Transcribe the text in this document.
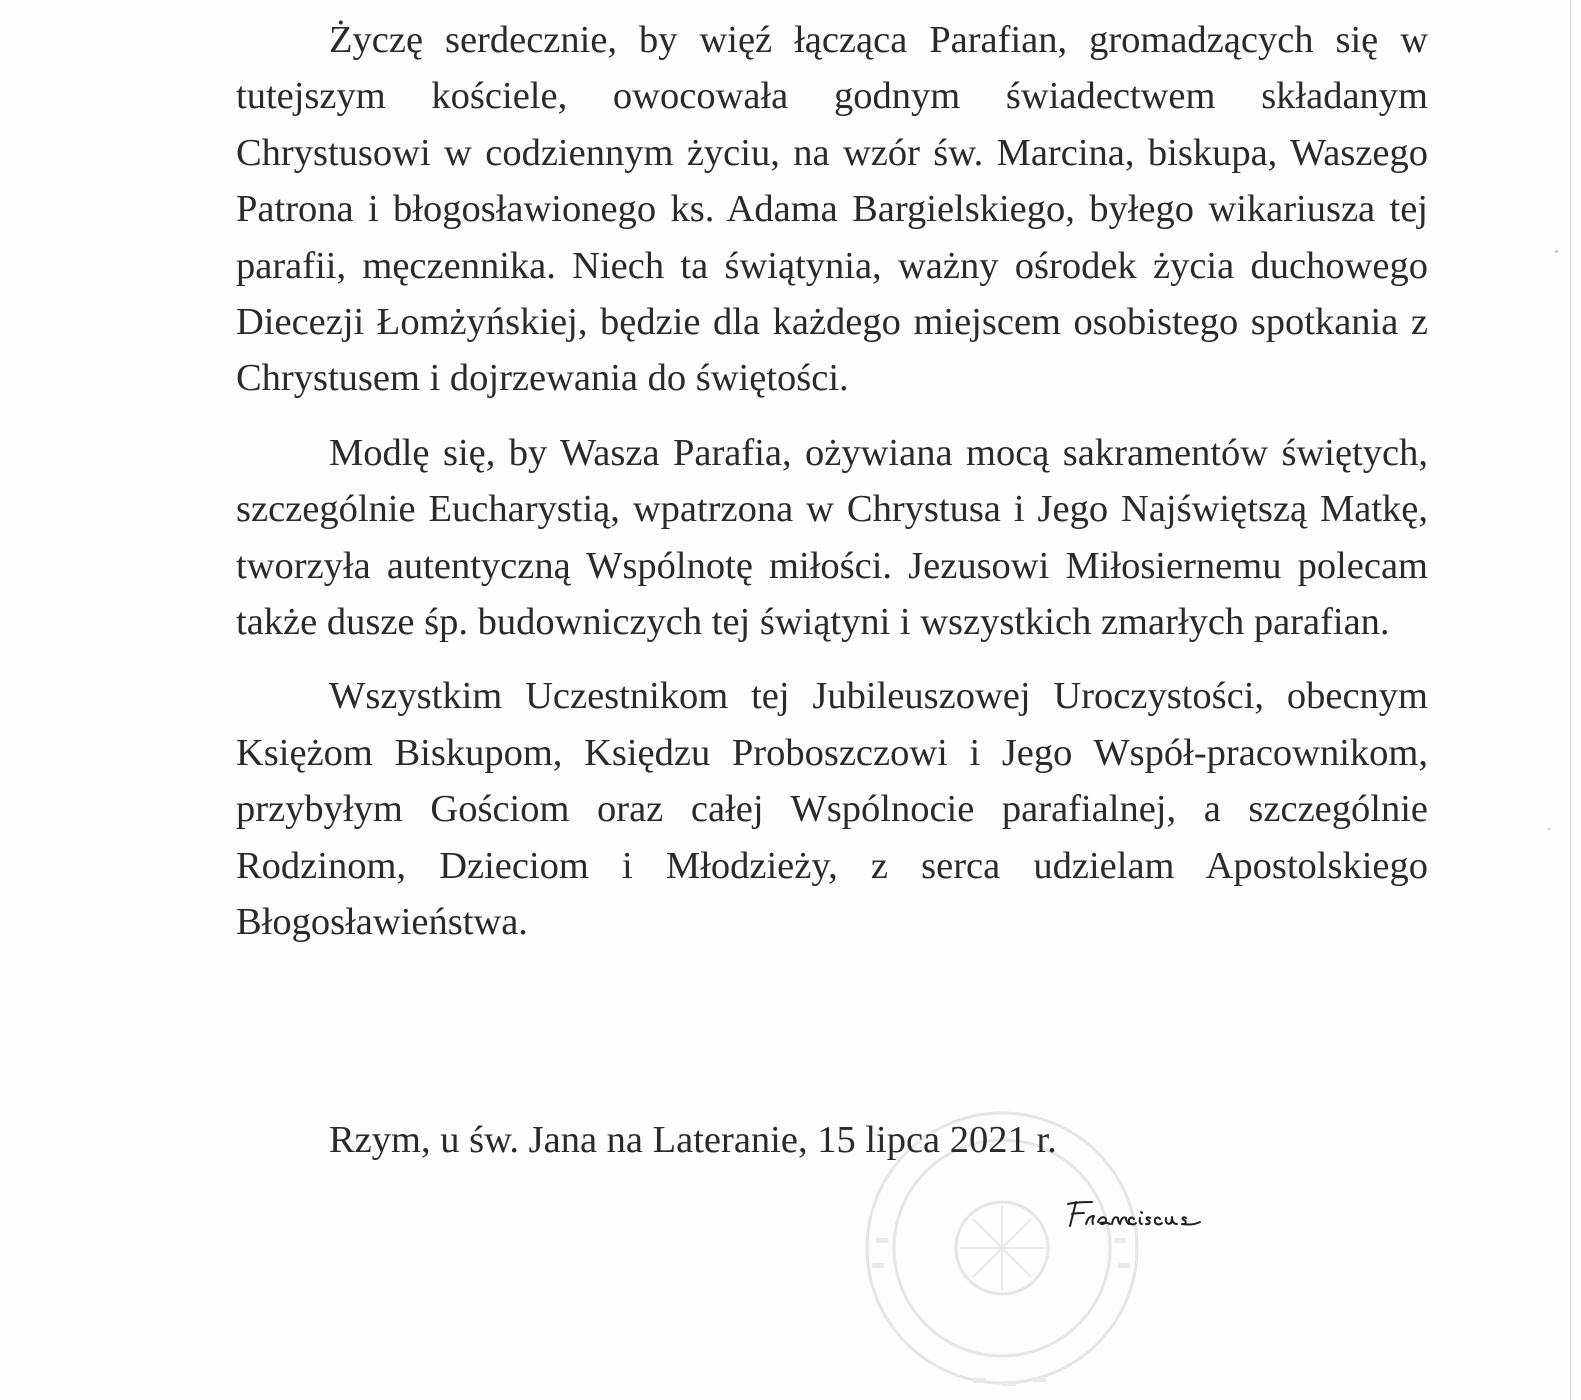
Życzę serdecznie, by więź łącząca Parafian, gromadzących się w tutejszym kościele, owocowała godnym świadectwem składanym Chrystusowi w codziennym życiu, na wzór św. Marcina, biskupa, Waszego Patrona i błogosławionego ks. Adama Bargielskiego, byłego wikariusza tej parafii, męczennika. Niech ta świątynia, ważny ośrodek życia duchowego Diecezji Łomżyńskiej, będzie dla każdego miejscem osobistego spotkania z Chrystusem i dojrzewania do świętości.

Modlę się, by Wasza Parafia, ożywiana mocą sakramentów świętych, szczególnie Eucharystią, wpatrzona w Chrystusa i Jego Najświętszą Matkę, tworzyła autentyczną Wspólnotę miłości. Jezusowi Miłosiernemu polecam także dusze śp. budowniczych tej świątyni i wszystkich zmarłych parafian.

Wszystkim Uczestnikom tej Jubileuszowej Uroczystości, obecnym Księżom Biskupom, Księdzu Proboszczowi i Jego Współ-pracownikom, przybyłym Gościom oraz całej Wspólnocie parafialnej, a szczególnie Rodzinom, Dzieciom i Młodzieży, z serca udzielam Apostolskiego Błogosławieństwa.

Rzym, u św. Jana na Lateranie, 15 lipca 2021 r.
